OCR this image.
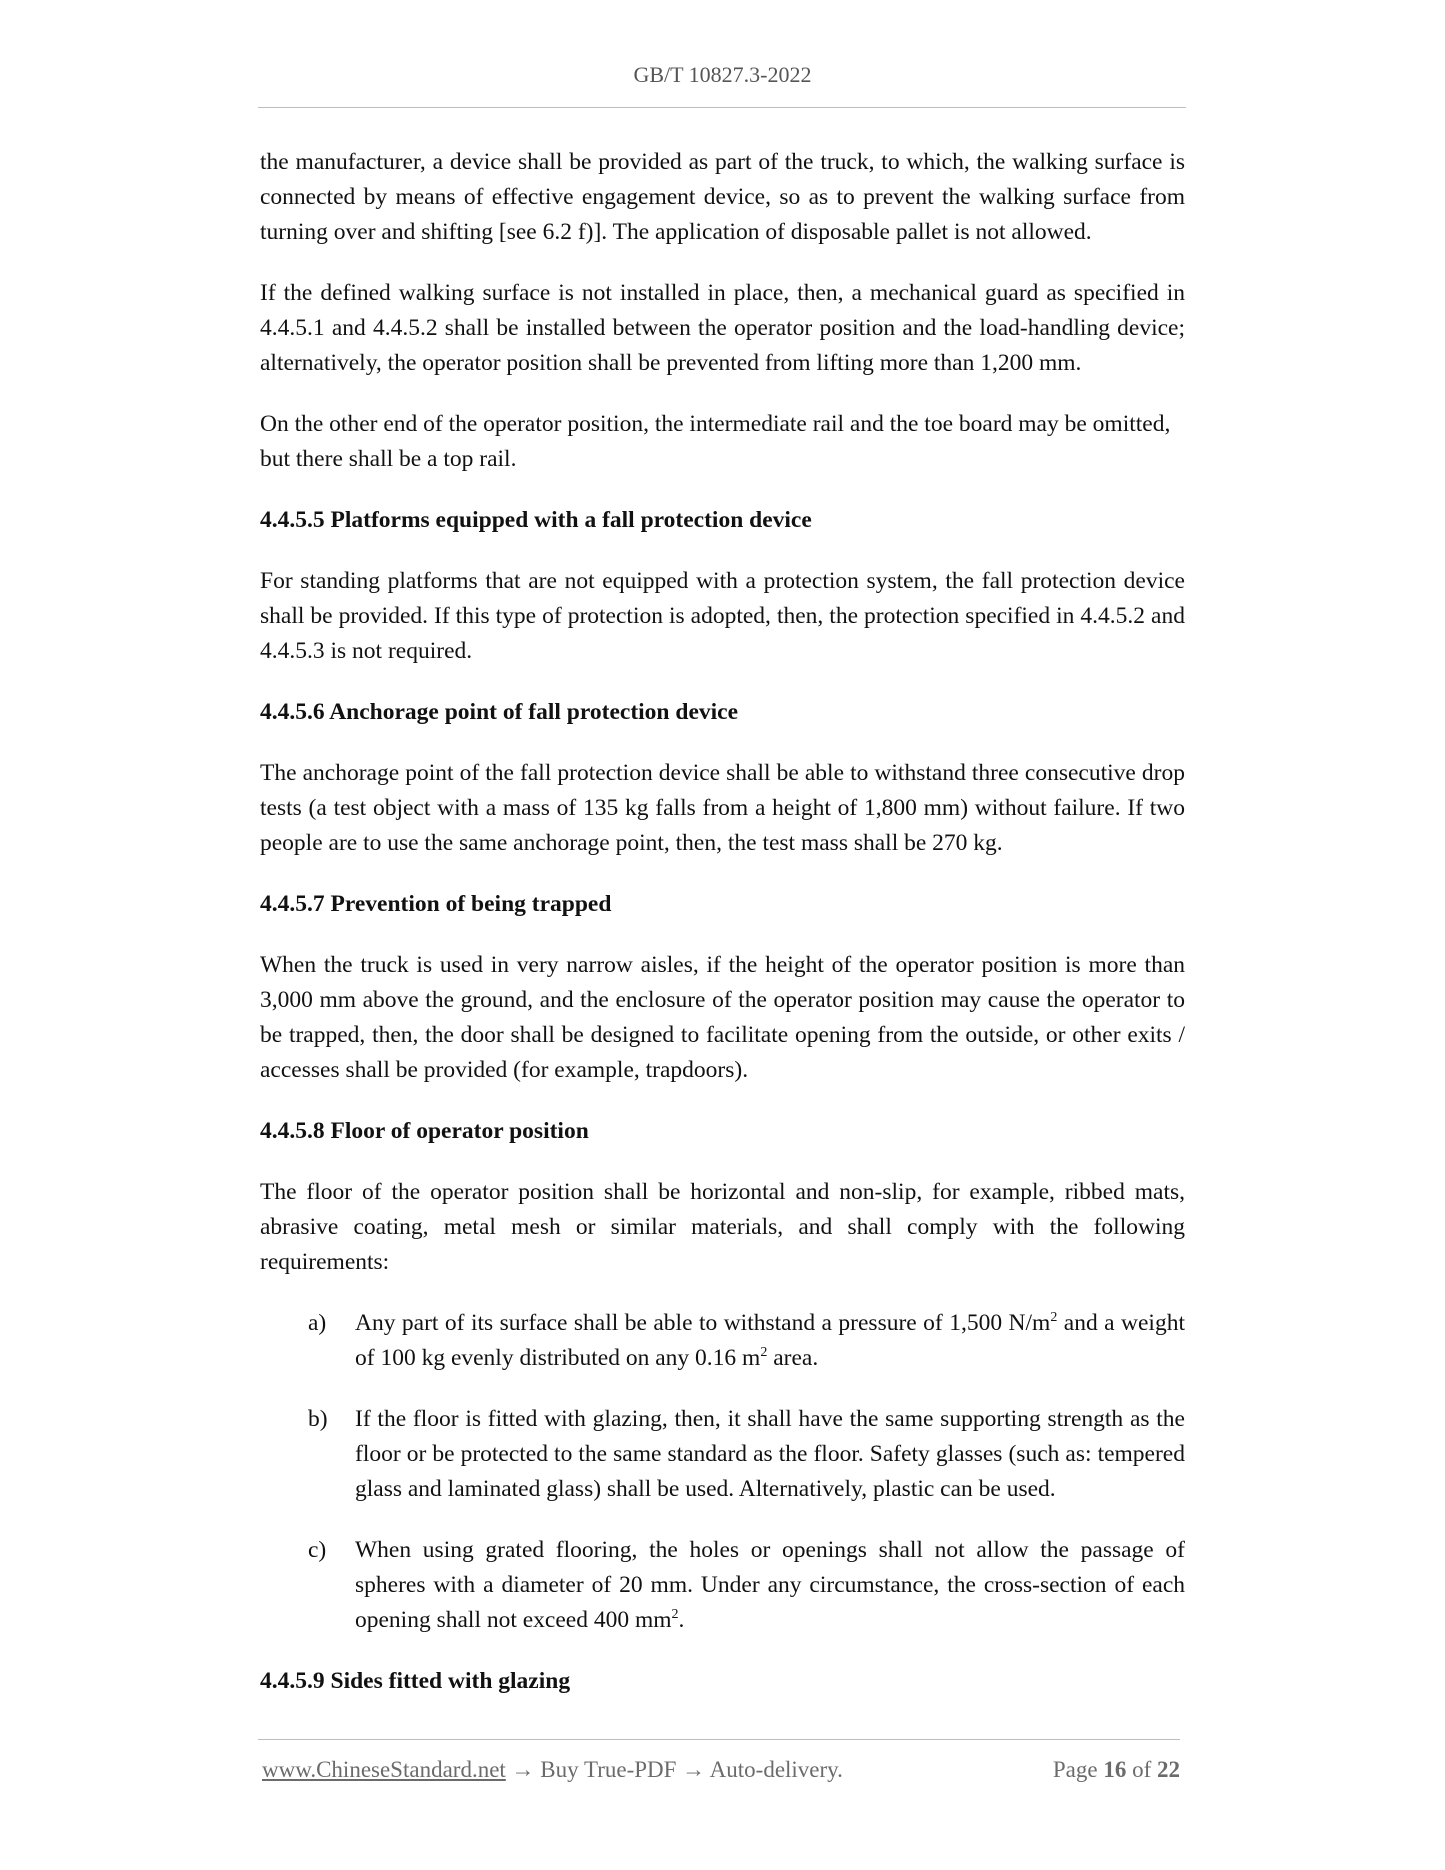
GB/T 10827.3-2022

the manufacturer, a device shall be provided as part of the truck, to which, the walking surface is connected by means of effective engagement device, so as to prevent the walking surface from turning over and shifting [see 6.2 f)]. The application of disposable pallet is not allowed.

If the defined walking surface is not installed in place, then, a mechanical guard as specified in 4.4.5.1 and 4.4.5.2 shall be installed between the operator position and the load-handling device; alternatively, the operator position shall be prevented from lifting more than 1,200 mm.

On the other end of the operator position, the intermediate rail and the toe board may be omitted, but there shall be a top rail.

4.4.5.5 Platforms equipped with a fall protection device

For standing platforms that are not equipped with a protection system, the fall protection device shall be provided. If this type of protection is adopted, then, the protection specified in 4.4.5.2 and 4.4.5.3 is not required.

4.4.5.6 Anchorage point of fall protection device

The anchorage point of the fall protection device shall be able to withstand three consecutive drop tests (a test object with a mass of 135 kg falls from a height of 1,800 mm) without failure. If two people are to use the same anchorage point, then, the test mass shall be 270 kg.

4.4.5.7 Prevention of being trapped

When the truck is used in very narrow aisles, if the height of the operator position is more than 3,000 mm above the ground, and the enclosure of the operator position may cause the operator to be trapped, then, the door shall be designed to facilitate opening from the outside, or other exits / accesses shall be provided (for example, trapdoors).

4.4.5.8 Floor of operator position

The floor of the operator position shall be horizontal and non-slip, for example, ribbed mats, abrasive coating, metal mesh or similar materials, and shall comply with the following requirements:

a) Any part of its surface shall be able to withstand a pressure of 1,500 $N/m^2$ and a weight of 100 kg evenly distributed on any 0.16 $m^2$ area.
b) If the floor is fitted with glazing, then, it shall have the same supporting strength as the floor or be protected to the same standard as the floor. Safety glasses (such as: tempered glass and laminated glass) shall be used. Alternatively, plastic can be used.
c) When using grated flooring, the holes or openings shall not allow the passage of spheres with a diameter of 20 mm. Under any circumstance, the cross-section of each opening shall not exceed 400 $mm^2$.
4.4.5.9 Sides fitted with glazing
www.ChineseStandard.net → Buy True-PDF → Auto-delivery.	Page 16 of 22
